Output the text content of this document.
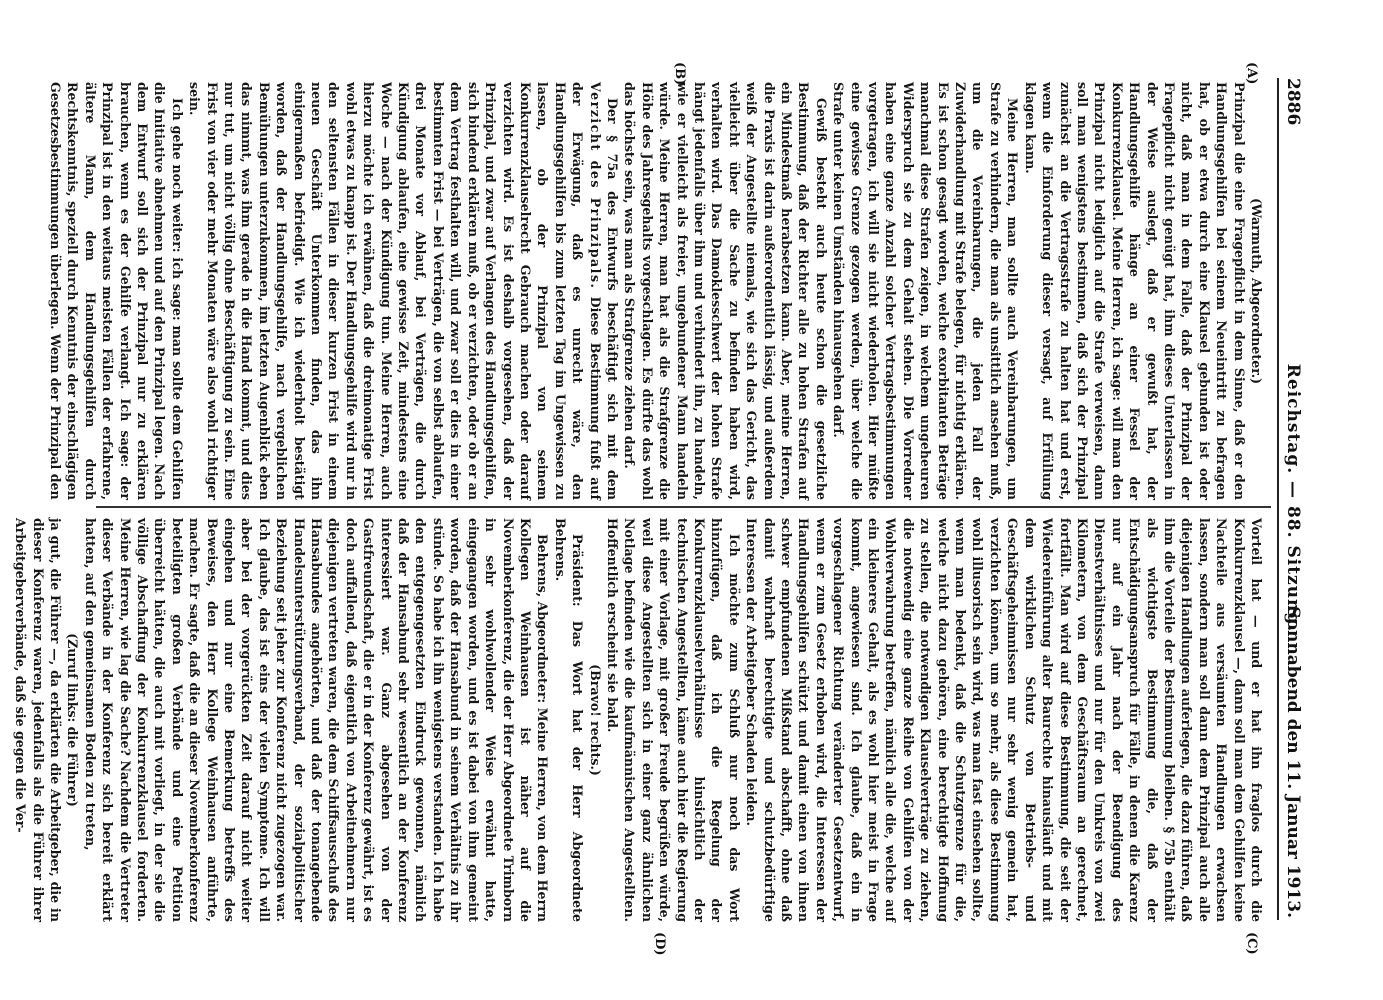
2886
Reichstag. — 88. Sitzung.
Sonnabend den 11. Januar 1913.
(A)
(B)
(C)
(D)

(Warmuth, Abgeordneter.)

Prinzipal die eine Fragepflicht in dem Sinne, daß er den Handlungsgehilfen bei seinem Neueintritt zu befragen hat, ob er etwa durch eine Klausel gebunden ist oder nicht, daß man in dem Falle, daß der Prinzipal der Fragepflicht nicht genügt hat, ihm dieses Unterlassen in der Weise auslegt, daß er gewußt hat, der Handlungsgehilfe hänge an einer Fessel der Konkurrenzklausel. Meine Herren, ich sage: will man den Prinzipal nicht lediglich auf die Strafe verweisen, dann soll man wenigstens bestimmen, daß sich der Prinzipal zunächst an die Vertragsstrafe zu halten hat und erst, wenn die Einforderung dieser versagt, auf Erfüllung klagen kann.

Meine Herren, man sollte auch Vereinbarungen, um Strafe zu verhindern, die man als unsittlich ansehen muß, um die Vereinbarungen, die jeden Fall der Zuwiderhandlung mit Strafe belegen, für nichtig erklären. Es ist schon gesagt worden, welche exorbitanten Beträge manchmal diese Strafen zeigen, in welchem ungeheuren Widerspruch sie zu dem Gehalt stehen. Die Vorredner haben eine ganze Anzahl solcher Vertragsbestimmungen vorgetragen, ich will sie nicht wiederholen. Hier müßte eine gewisse Grenze gezogen werden, über welche die Strafe unter keinen Umständen hinausgehen darf.

Gewiß besteht auch heute schon die gesetzliche Bestimmung, daß der Richter alle zu hohen Strafen auf ein Mindestmaß herabsetzen kann. Aber, meine Herren, die Praxis ist darin außerordentlich lässig, und außerdem weiß der Angestellte niemals, wie sich das Gericht, das vielleicht über die Sache zu befinden haben wird, verhalten wird. Das Damoklesschwert der hohen Strafe hängt jedenfalls über ihm und verhindert ihn, zu handeln, wie er vielleicht als freier, ungebundener Mann handeln würde. Meine Herren, man hat als die Strafgrenze die Höhe des Jahresgehalts vorgeschlagen. Es dürfte das wohl das höchste sein, was man als Strafgrenze ziehen darf.

Der § 75a des Entwurfs beschäftigt sich mit dem Verzicht des Prinzipals. Diese Bestimmung fußt auf der Erwägung, daß es unrecht wäre, den Handlungsgehilfen bis zum letzten Tag im Ungewissen zu lassen, ob der Prinzipal von seinem Konkurrenzklauselrecht Gebrauch machen oder darauf verzichten wird. Es ist deshalb vorgesehen, daß der Prinzipal, und zwar auf Verlangen des Handlungsgehilfen, sich bindend erklären muß, ob er verzichten, oder ob er an dem Vertrag festhalten will, und zwar soll er dies in einer bestimmten Frist — bei Verträgen, die von selbst ablaufen, drei Monate vor Ablauf, bei Verträgen, die durch Kündigung ablaufen, eine gewisse Zeit, mindestens eine Woche — nach der Kündigung tun. Meine Herren, auch hierzu möchte ich erwähnen, daß die dreimonatige Frist wohl etwas zu knapp ist. Der Handlungsgehilfe wird nur in den seltensten Fällen in dieser kurzen Frist in einem neuen Geschäft Unterkommen finden, das ihn einigermaßen befriedigt. Wie ich wiederholt bestätigt worden, daß der Handlungsgehilfe, nach vergeblichen Bemühungen unterzukommen, im letzten Augenblick eben das nimmt, was ihm gerade in die Hand kommt, und dies nur tut, um nicht völlig ohne Beschäftigung zu sein. Eine Frist von vier oder mehr Monaten wäre also wohl richtiger sein.

Ich gehe noch weiter: ich sage: man sollte dem Gehilfen die Initiative abnehmen und auf den Prinzipal legen. Nach dem Entwurf soll sich der Prinzipal nur zu erklären brauchen, wenn es der Gehilfe verlangt. Ich sage: der Prinzipal ist in den weitaus meisten Fällen der erfahrene, ältere Mann, dem Handlungsgehilfen durch Rechtskenntnis, speziell durch Kenntnis der einschlägigen Gesetzesbestimmungen überlegen. Wenn der Prinzipal den

Vorteil hat — und er hat ihn fraglos durch die Konkurrenzklausel —, dann soll man dem Gehilfen keine Nachteile aus versäumten Handlungen erwachsen lassen, sondern man soll dann dem Prinzipal auch alle diejenigen Handlungen auferlegen, die dazu führen, daß ihm die Vorteile der Bestimmung bleiben. § 75b enthält als wichtigste Bestimmung die, daß der Entschädigungsanspruch für Fälle, in denen die Karenz nur auf ein Jahr nach der Beendigung des Dienstverhältnisses und nur für den Umkreis von zwei Kilometern, von dem Geschäftsraum an gerechnet, fortfällt. Man wird auf diese Bestimmung, die seit der Wiedereinführung alter Baurechte hinausläuft und mit dem wirklichen Schutz von Betriebs- und Geschäftsgeheimnissen nur sehr wenig gemein hat, verzichten können, um so mehr, als diese Bestimmung wohl illusorisch sein wird, was man fast einsehen sollte, wenn man bedenkt, daß die Schutzgrenze für die, welche nicht dazu gehören, eine berechtigte Hoffnung zu stellen, die notwendigen Klauselverträge zu ziehen, die notwendig eine ganze Reihe von Gehilfen von der Wohlverwahrung betreffen, nämlich alle die, welche auf ein kleineres Gehalt, als es wohl hier meist in Frage kommt, angewiesen sind. Ich glaube, daß ein in vorgeschlagener Richtung veränderter Gesetzentwurf, wenn er zum Gesetz erhoben wird, die Interessen der Handlungsgehilfen schützt und damit einen von ihnen schwer empfundenen Mißstand abschafft, ohne daß damit wahrhaft berechtigte und schutzbedürftige Interessen der Arbeitgeber Schaden leiden.

Ich möchte zum Schluß nur noch das Wort hinzufügen, daß ich die Regelung der Konkurrenzklauselverhältnisse hinsichtlich der technischen Angestellten, käme auch hier die Regierung mit einer Vorlage, mit großer Freude begrüßen würde, weil diese Angestellten sich in einer ganz ähnlichen Notlage befinden wie die kaufmännischen Angestellten. Hoffentlich erscheint sie bald.

(Bravo! rechts.)

Präsident: Das Wort hat der Herr Abgeordnete Behrens.

Behrens, Abgeordneter: Meine Herren, von dem Herrn Kollegen Weinhausen ist näher auf die Novemberkonferenz, die der Herr Abgeordnete Trimborn in sehr wohlwollender Weise erwähnt hatte, eingegangen worden, und es ist dabei von ihm gemeint worden, daß der Hansabund in seinem Verhältnis zu ihr stünde. So habe ich ihn wenigstens verstanden. Ich habe den entgegengesetzten Eindruck gewonnen, nämlich daß der Hansabund sehr wesentlich an der Konferenz interessiert war. Ganz abgesehen von der Gastfreundschaft, die er in der Konferenz gewährt, ist es doch auffallend, daß eigentlich von Arbeitnehmern nur diejenigen vertreten waren, die dem Schiffsausschuß des Hansabundes angehörten, und daß der tonangebende Handelsunterstützungsverband, der sozialpolitischer Beziehung seit jeher zur Konferenz nicht zugezogen war. Ich glaube, das ist eins der vielen Symptome. Ich will aber bei der vorgerückten Zeit darauf nicht weiter eingehen und nur eine Bemerkung betreffs des Beweises, den Herr Kollege Weinhausen anführte, machen. Er sagte, daß die an dieser Novemberkonferenz beteiligten großen Verbände und eine Petition überreicht hätten, die auch mit vorliegt, in der sie die völlige Abschaffung der Konkurrenzklausel forderten. Meine Herren, wie lag die Sache? Nachdem die Vertreter dieser Verbände in der Konferenz sich bereit erklärt hatten, auf den gemeinsamen Boden zu treten,

(Zuruf links: die Führer)

ja gut, die Führer —, da erklärten die Arbeitgeber, die in dieser Konferenz waren, jedenfalls als die Führer ihrer Arbeitgeberverbände, daß sie gegen die Ver-
